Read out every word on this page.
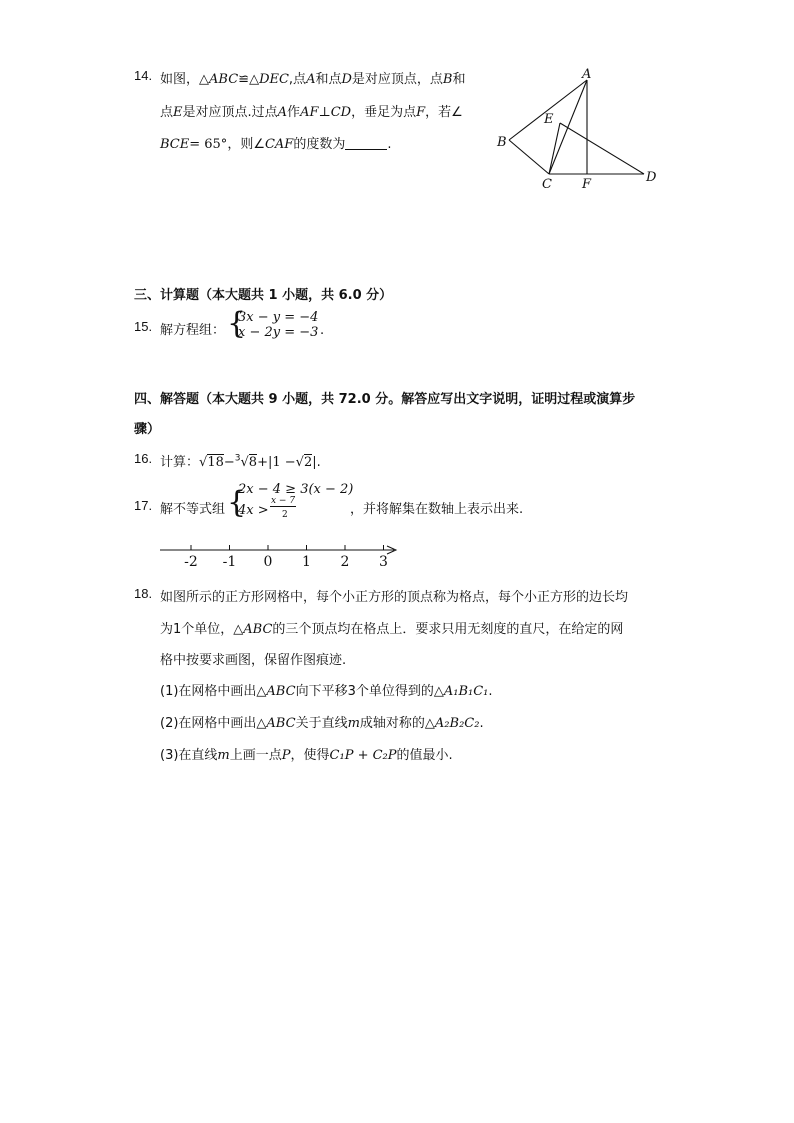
14. 如图，△ABC≌△DEC,点A和点D是对应顶点，点B和
点E是对应顶点.过点A作AF⊥CD，垂足为点F，若∠
BCE= 65°，则∠CAF的度数为	.
A
B
C	D
E
F
三、计算题（本大题共 1 小题，共 6.0 分）
15. 解方程组： {
3x − y = −4
x − 2y = −3 .
四、解答题（本大题共 9 小题，共 72.0 分。解答应写出文字说明，证明过程或演算步
骤）
16. 计算：√18−$^3$√8+|1 −√2|.
17. 解不等式组 {
2x − 4 ≥ 3(x − 2)
4x >
x − 7
2	，并将解集在数轴上表示出来.
-2 -1 0 1 2 3
18. 如图所示的正方形网格中，每个小正方形的顶点称为格点，每个小正方形的边长均
为1个单位，△ABC的三个顶点均在格点上．要求只用无刻度的直尺，在给定的网
格中按要求画图，保留作图痕迹.
(1)在网格中画出△ABC向下平移3个单位得到的△A₁B₁C₁.
(2)在网格中画出△ABC关于直线m成轴对称的△A₂B₂C₂.
(3)在直线m上画一点P，使得C₁P + C₂P的值最小.
